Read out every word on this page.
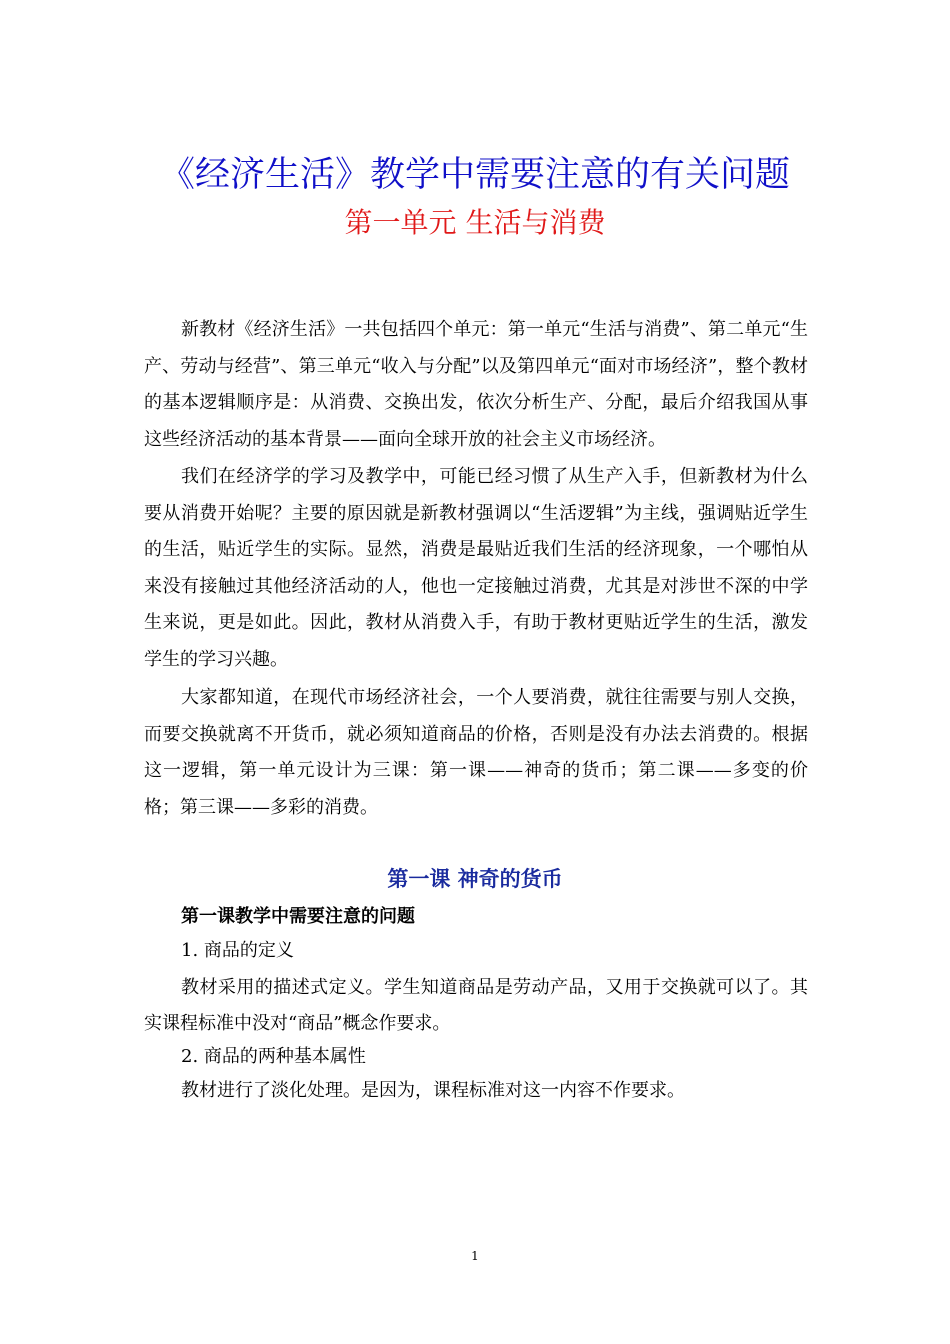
《经济生活》教学中需要注意的有关问题
第一单元 生活与消费
新教材《经济生活》一共包括四个单元：第一单元“生活与消费”、第二单元“生产、劳动与经营”、第三单元“收入与分配”以及第四单元“面对市场经济”，整个教材的基本逻辑顺序是：从消费、交换出发，依次分析生产、分配，最后介绍我国从事这些经济活动的基本背景——面向全球开放的社会主义市场经济。
我们在经济学的学习及教学中，可能已经习惯了从生产入手，但新教材为什么要从消费开始呢？主要的原因就是新教材强调以“生活逻辑”为主线，强调贴近学生的生活，贴近学生的实际。显然，消费是最贴近我们生活的经济现象，一个哪怕从来没有接触过其他经济活动的人，他也一定接触过消费，尤其是对涉世不深的中学生来说，更是如此。因此，教材从消费入手，有助于教材更贴近学生的生活，激发学生的学习兴趣。
大家都知道，在现代市场经济社会，一个人要消费，就往往需要与别人交换，而要交换就离不开货币，就必须知道商品的价格，否则是没有办法去消费的。根据这一逻辑，第一单元设计为三课：第一课——神奇的货币；第二课——多变的价格；第三课——多彩的消费。
第一课 神奇的货币
第一课教学中需要注意的问题
1. 商品的定义
教材采用的描述式定义。学生知道商品是劳动产品，又用于交换就可以了。其实课程标准中没对“商品”概念作要求。
2. 商品的两种基本属性
教材进行了淡化处理。是因为，课程标准对这一内容不作要求。
1
